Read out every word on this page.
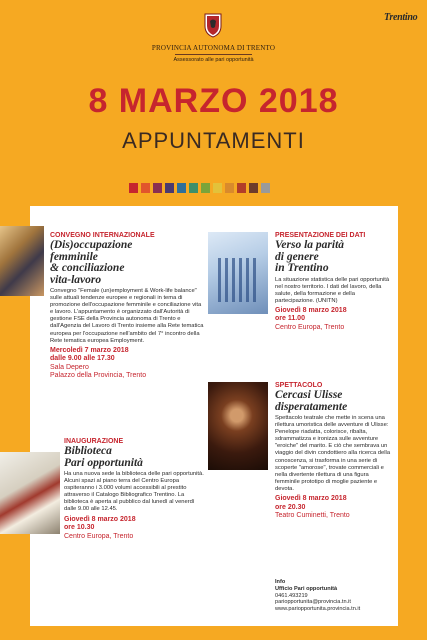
PROVINCIA AUTONOMA DI TRENTO
Assessorato alle pari opportunità
Trentino
8 MARZO 2018
APPUNTAMENTI
CONVEGNO INTERNAZIONALE
(Dis)occupazione
femminile
& conciliazione
vita-lavoro
Convegno "Female (un)employment & Work-life balance" sulle attuali tendenze europee e regionali in tema di promozione dell'occupazione femminile e conciliazione vita e lavoro. L'appuntamento è organizzato dall'Autorità di gestione FSE della Provincia autonoma di Trento e dall'Agenzia del Lavoro di Trento insieme alla Rete tematica europea per l'occupazione nell'ambito del 7° incontro della Rete tematica europea Employment.
Mercoledì 7 marzo 2018
dalle 9.00 alle 17.30
Sala Depero
Palazzo della Provincia, Trento
PRESENTAZIONE DEI DATI
Verso la parità
di genere
in Trentino
La situazione statistica delle pari opportunità nel nostro territorio. I dati del lavoro, della salute, della formazione e della partecipazione. (UNITN)
Giovedì 8 marzo 2018
ore 11.00
Centro Europa, Trento
SPETTACOLO
Cercasi Ulisse
disperatamente
Spettacolo teatrale che mette in scena una rilettura umoristica delle avventure di Ulisse: Penelope riadatta, colorisce, ribalta, sdrammatizza e ironizza sulle avventure "eroiche" del marito. E ciò che sembrava un viaggio del divin condottiero alla ricerca della conoscenza, si trasforma in una serie di scoperte "amorose", trovate commerciali e nella divertente rilettura di una figura femminile prototipo di moglie paziente e devota.
Giovedì 8 marzo 2018
ore 20.30
Teatro Cuminetti, Trento
INAUGURAZIONE
Biblioteca
Pari opportunità
Ha una nuova sede la biblioteca delle pari opportunità. Alcuni spazi al piano terra del Centro Europa ospiteranno i 3.000 volumi accessibili al prestito attraverso il Catalogo Bibliografico Trentino. La biblioteca è aperta al pubblico dal lunedì al venerdì dalle 9.00 alle 12.45.
Giovedì 8 marzo 2018
ore 10.30
Centro Europa, Trento
Info
Ufficio Pari opportunità
0461.493219
pariopportunita@provincia.tn.it
www.pariopportunita.provincia.tn.it
